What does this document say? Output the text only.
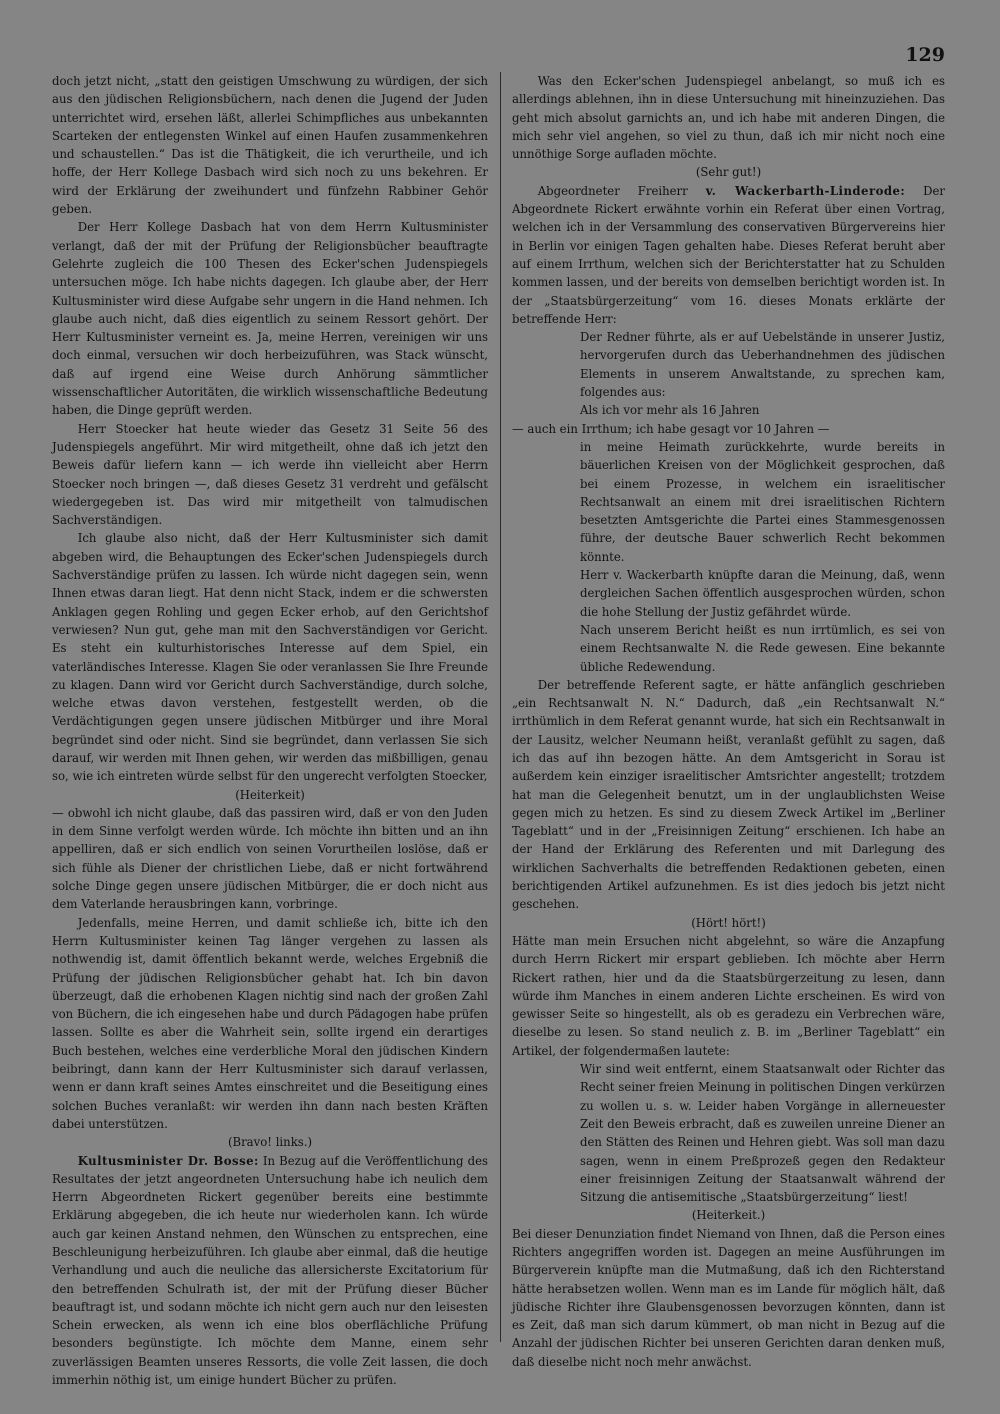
129

doch jetzt nicht, „statt den geistigen Umschwung zu würdigen, der sich aus den jüdischen Religionsbüchern, nach denen die Jugend der Juden unterrichtet wird, ersehen läßt, allerlei Schimpfliches aus unbekannten Scarteken der entlegensten Winkel auf einen Haufen zusammenkehren und schaustellen.“ Das ist die Thätigkeit, die ich verurtheile, und ich hoffe, der Herr Kollege Dasbach wird sich noch zu uns bekehren. Er wird der Erklärung der zweihundert und fünfzehn Rabbiner Gehör geben.

Der Herr Kollege Dasbach hat von dem Herrn Kultusminister verlangt, daß der mit der Prüfung der Religionsbücher beauftragte Gelehrte zugleich die 100 Thesen des Ecker'schen Judenspiegels untersuchen möge. Ich habe nichts dagegen. Ich glaube aber, der Herr Kultusminister wird diese Aufgabe sehr ungern in die Hand nehmen. Ich glaube auch nicht, daß dies eigentlich zu seinem Ressort gehört. Der Herr Kultusminister verneint es. Ja, meine Herren, vereinigen wir uns doch einmal, versuchen wir doch herbeizuführen, was Stack wünscht, daß auf irgend eine Weise durch Anhörung sämmtlicher wissenschaftlicher Autoritäten, die wirklich wissenschaftliche Bedeutung haben, die Dinge geprüft werden.

Herr Stoecker hat heute wieder das Gesetz 31 Seite 56 des Judenspiegels angeführt. Mir wird mitgetheilt, ohne daß ich jetzt den Beweis dafür liefern kann — ich werde ihn vielleicht aber Herrn Stoecker noch bringen —, daß dieses Gesetz 31 verdreht und gefälscht wiedergegeben ist. Das wird mir mitgetheilt von talmudischen Sachverständigen.

Ich glaube also nicht, daß der Herr Kultusminister sich damit abgeben wird, die Behauptungen des Ecker'schen Judenspiegels durch Sachverständige prüfen zu lassen. Ich würde nicht dagegen sein, wenn Ihnen etwas daran liegt. Hat denn nicht Stack, indem er die schwersten Anklagen gegen Rohling und gegen Ecker erhob, auf den Gerichtshof verwiesen? Nun gut, gehe man mit den Sachverständigen vor Gericht. Es steht ein kulturhistorisches Interesse auf dem Spiel, ein vaterländisches Interesse. Klagen Sie oder veranlassen Sie Ihre Freunde zu klagen. Dann wird vor Gericht durch Sachverständige, durch solche, welche etwas davon verstehen, festgestellt werden, ob die Verdächtigungen gegen unsere jüdischen Mitbürger und ihre Moral begründet sind oder nicht. Sind sie begründet, dann verlassen Sie sich darauf, wir werden mit Ihnen gehen, wir werden das mißbilligen, genau so, wie ich eintreten würde selbst für den ungerecht verfolgten Stoecker,

(Heiterkeit)

— obwohl ich nicht glaube, daß das passiren wird, daß er von den Juden in dem Sinne verfolgt werden würde. Ich möchte ihn bitten und an ihn appelliren, daß er sich endlich von seinen Vorurtheilen loslöse, daß er sich fühle als Diener der christlichen Liebe, daß er nicht fortwährend solche Dinge gegen unsere jüdischen Mitbürger, die er doch nicht aus dem Vaterlande herausbringen kann, vorbringe.

Jedenfalls, meine Herren, und damit schließe ich, bitte ich den Herrn Kultusminister keinen Tag länger vergehen zu lassen als nothwendig ist, damit öffentlich bekannt werde, welches Ergebniß die Prüfung der jüdischen Religionsbücher gehabt hat. Ich bin davon überzeugt, daß die erhobenen Klagen nichtig sind nach der großen Zahl von Büchern, die ich eingesehen habe und durch Pädagogen habe prüfen lassen. Sollte es aber die Wahrheit sein, sollte irgend ein derartiges Buch bestehen, welches eine verderbliche Moral den jüdischen Kindern beibringt, dann kann der Herr Kultusminister sich darauf verlassen, wenn er dann kraft seines Amtes einschreitet und die Beseitigung eines solchen Buches veranlaßt: wir werden ihn dann nach besten Kräften dabei unterstützen.

(Bravo! links.)

Kultusminister Dr. Bosse: In Bezug auf die Veröffentlichung des Resultates der jetzt angeordneten Untersuchung habe ich neulich dem Herrn Abgeordneten Rickert gegenüber bereits eine bestimmte Erklärung abgegeben, die ich heute nur wiederholen kann. Ich würde auch gar keinen Anstand nehmen, den Wünschen zu entsprechen, eine Beschleunigung herbeizuführen. Ich glaube aber einmal, daß die heutige Verhandlung und auch die neuliche das allersicherste Excitatorium für den betreffenden Schulrath ist, der mit der Prüfung dieser Bücher beauftragt ist, und sodann möchte ich nicht gern auch nur den leisesten Schein erwecken, als wenn ich eine blos oberflächliche Prüfung besonders begünstigte. Ich möchte dem Manne, einem sehr zuverlässigen Beamten unseres Ressorts, die volle Zeit lassen, die doch immerhin nöthig ist, um einige hundert Bücher zu prüfen.

Was den Ecker'schen Judenspiegel anbelangt, so muß ich es allerdings ablehnen, ihn in diese Untersuchung mit hineinzuziehen. Das geht mich absolut garnichts an, und ich habe mit anderen Dingen, die mich sehr viel angehen, so viel zu thun, daß ich mir nicht noch eine unnöthige Sorge aufladen möchte.

(Sehr gut!)

Abgeordneter Freiherr v. Wackerbarth-Linderode: Der Abgeordnete Rickert erwähnte vorhin ein Referat über einen Vortrag, welchen ich in der Versammlung des conservativen Bürgervereins hier in Berlin vor einigen Tagen gehalten habe. Dieses Referat beruht aber auf einem Irrthum, welchen sich der Berichterstatter hat zu Schulden kommen lassen, und der bereits von demselben berichtigt worden ist. In der „Staatsbürgerzeitung“ vom 16. dieses Monats erklärte der betreffende Herr:

Der Redner führte, als er auf Uebelstände in unserer Justiz, hervorgerufen durch das Ueberhandnehmen des jüdischen Elements in unserem Anwaltstande, zu sprechen kam, folgendes aus:

Als ich vor mehr als 16 Jahren

— auch ein Irrthum; ich habe gesagt vor 10 Jahren —

in meine Heimath zurückkehrte, wurde bereits in bäuerlichen Kreisen von der Möglichkeit gesprochen, daß bei einem Prozesse, in welchem ein israelitischer Rechtsanwalt an einem mit drei israelitischen Richtern besetzten Amtsgerichte die Partei eines Stammesgenossen führe, der deutsche Bauer schwerlich Recht bekommen könnte.

Herr v. Wackerbarth knüpfte daran die Meinung, daß, wenn dergleichen Sachen öffentlich ausgesprochen würden, schon die hohe Stellung der Justiz gefährdet würde.

Nach unserem Bericht heißt es nun irrtümlich, es sei von einem Rechtsanwalte N. die Rede gewesen. Eine bekannte übliche Redewendung.

Der betreffende Referent sagte, er hätte anfänglich geschrieben „ein Rechtsanwalt N. N.“ Dadurch, daß „ein Rechtsanwalt N.“ irrthümlich in dem Referat genannt wurde, hat sich ein Rechtsanwalt in der Lausitz, welcher Neumann heißt, veranlaßt gefühlt zu sagen, daß ich das auf ihn bezogen hätte. An dem Amtsgericht in Sorau ist außerdem kein einziger israelitischer Amtsrichter angestellt; trotzdem hat man die Gelegenheit benutzt, um in der unglaublichsten Weise gegen mich zu hetzen. Es sind zu diesem Zweck Artikel im „Berliner Tageblatt“ und in der „Freisinnigen Zeitung“ erschienen. Ich habe an der Hand der Erklärung des Referenten und mit Darlegung des wirklichen Sachverhalts die betreffenden Redaktionen gebeten, einen berichtigenden Artikel aufzunehmen. Es ist dies jedoch bis jetzt nicht geschehen.

(Hört! hört!)

Hätte man mein Ersuchen nicht abgelehnt, so wäre die Anzapfung durch Herrn Rickert mir erspart geblieben. Ich möchte aber Herrn Rickert rathen, hier und da die Staatsbürgerzeitung zu lesen, dann würde ihm Manches in einem anderen Lichte erscheinen. Es wird von gewisser Seite so hingestellt, als ob es geradezu ein Verbrechen wäre, dieselbe zu lesen. So stand neulich z. B. im „Berliner Tageblatt“ ein Artikel, der folgendermaßen lautete:

Wir sind weit entfernt, einem Staatsanwalt oder Richter das Recht seiner freien Meinung in politischen Dingen verkürzen zu wollen u. s. w. Leider haben Vorgänge in allerneuester Zeit den Beweis erbracht, daß es zuweilen unreine Diener an den Stätten des Reinen und Hehren giebt. Was soll man dazu sagen, wenn in einem Preßprozeß gegen den Redakteur einer freisinnigen Zeitung der Staatsanwalt während der Sitzung die antisemitische „Staatsbürgerzeitung“ liest!

(Heiterkeit.)

Bei dieser Denunziation findet Niemand von Ihnen, daß die Person eines Richters angegriffen worden ist. Dagegen an meine Ausführungen im Bürgerverein knüpfte man die Mutmaßung, daß ich den Richterstand hätte herabsetzen wollen. Wenn man es im Lande für möglich hält, daß jüdische Richter ihre Glaubensgenossen bevorzugen könnten, dann ist es Zeit, daß man sich darum kümmert, ob man nicht in Bezug auf die Anzahl der jüdischen Richter bei unseren Gerichten daran denken muß, daß dieselbe nicht noch mehr anwächst.
